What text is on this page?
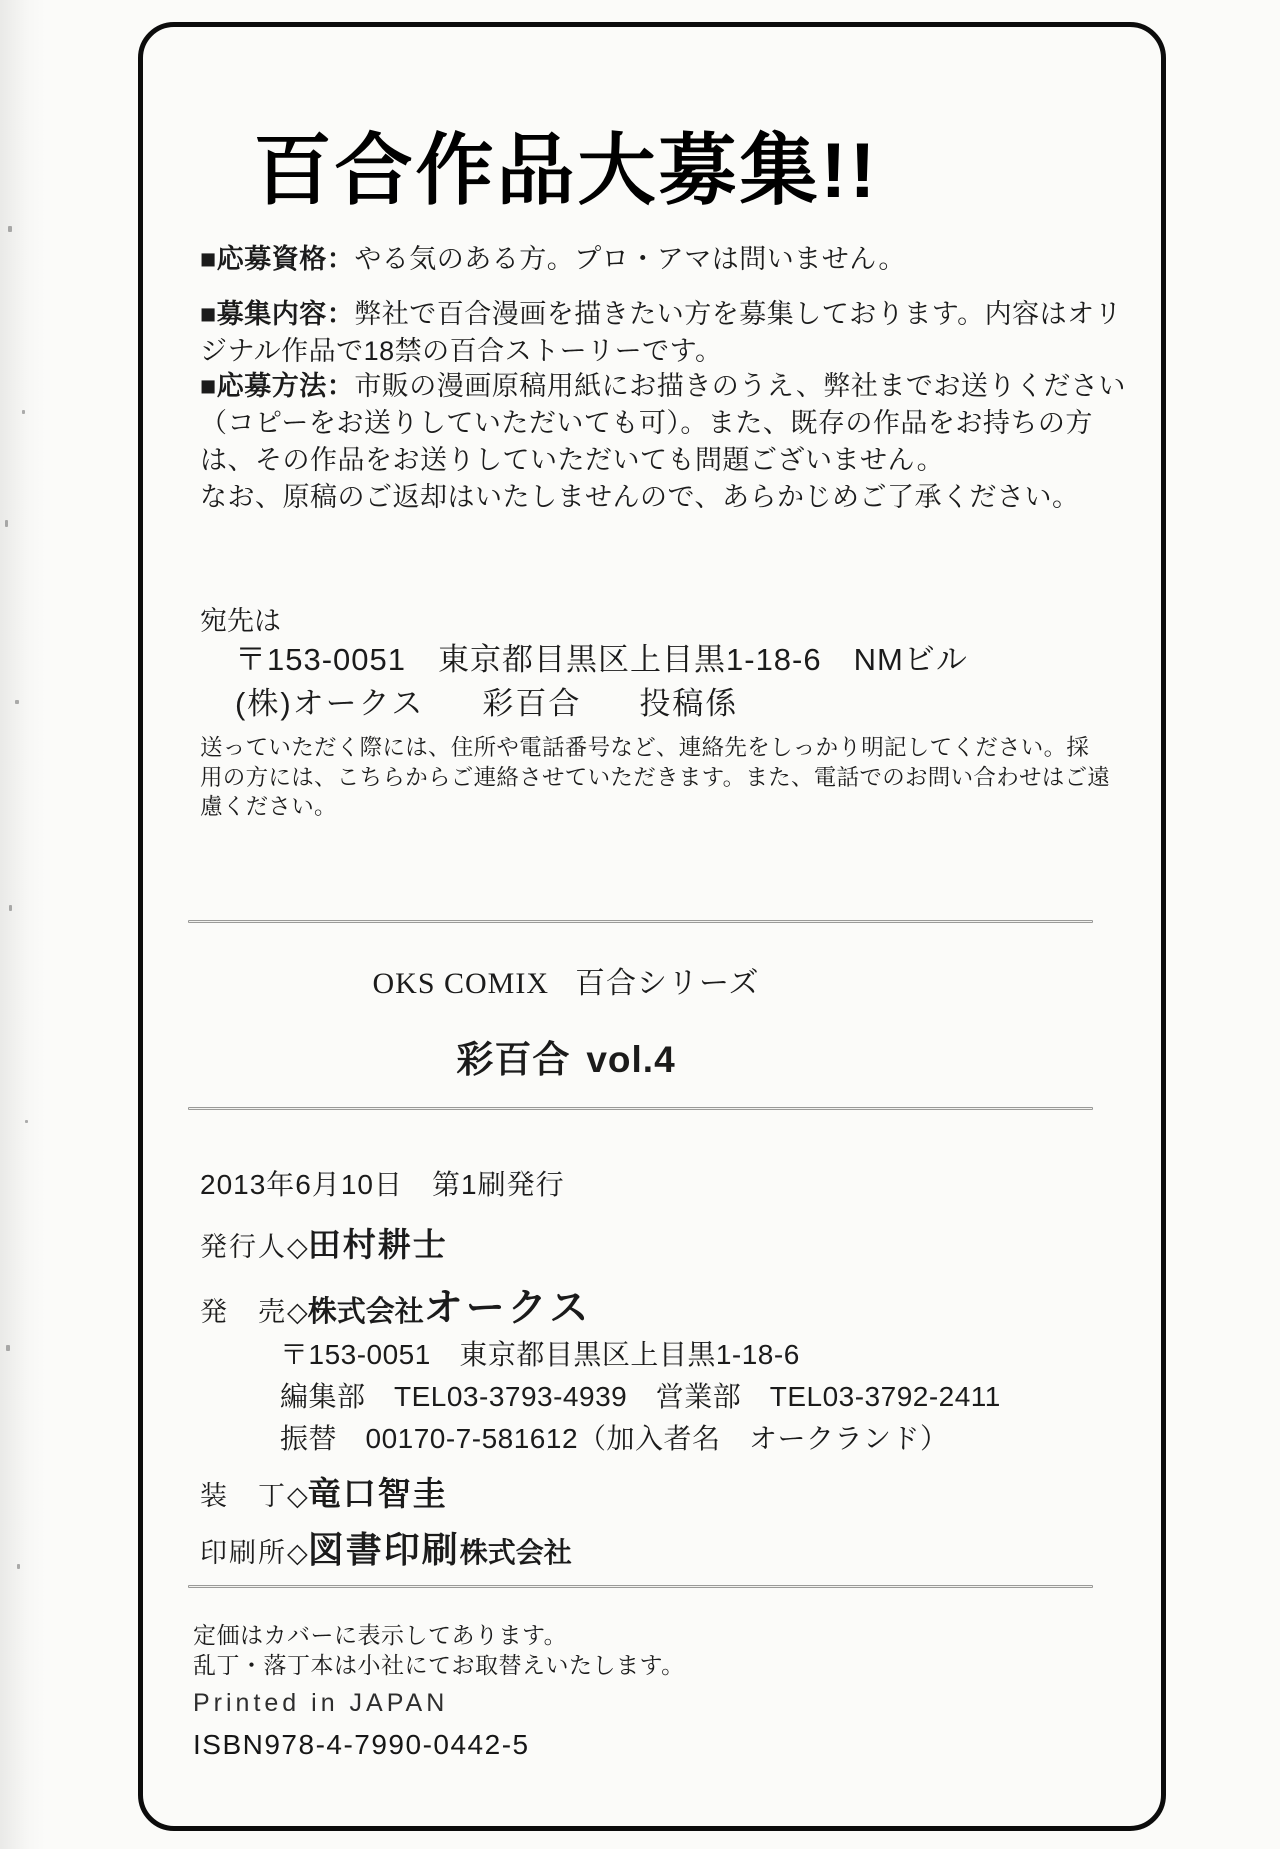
百合作品大募集!!
■応募資格：やる気のある方。プロ・アマは問いません。
■募集内容：弊社で百合漫画を描きたい方を募集しております。内容はオリジナル作品で18禁の百合ストーリーです。
■応募方法：市販の漫画原稿用紙にお描きのうえ、弊社までお送りください（コピーをお送りしていただいても可）。また、既存の作品をお持ちの方は、その作品をお送りしていただいても問題ございません。
なお、原稿のご返却はいたしませんので、あらかじめご了承ください。
宛先は
〒153-0051　東京都目黒区上目黒1-18-6　NMビル
(株)オークス 彩百合 投稿係
送っていただく際には、住所や電話番号など、連絡先をしっかり明記してください。採用の方には、こちらからご連絡させていただきます。また、電話でのお問い合わせはご遠慮ください。
OKS COMIX 百合シリーズ
彩百合 vol.4
2013年6月10日　第1刷発行
発行人◇田村耕士
発　売◇株式会社オークス
〒153-0051　東京都目黒区上目黒1-18-6
編集部　TEL03-3793-4939　営業部　TEL03-3792-2411
振替　00170-7-581612（加入者名　オークランド）
装　丁◇竜口智圭
印刷所◇図書印刷株式会社
定価はカバーに表示してあります。
乱丁・落丁本は小社にてお取替えいたします。
Printed in JAPAN
ISBN978-4-7990-0442-5
